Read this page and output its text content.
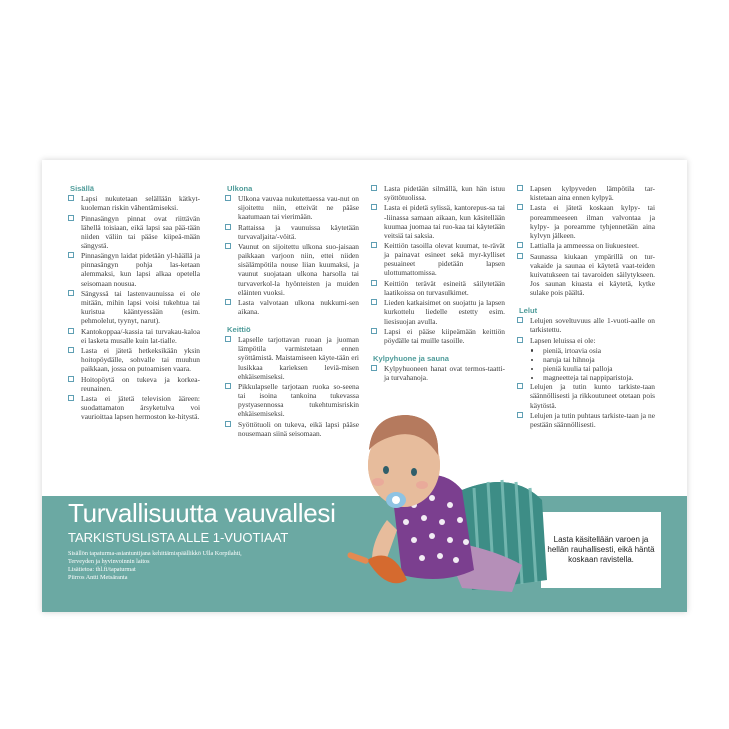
Sisällä
Lapsi nukutetaan selällään kätkyt-kuoleman riskin vähentämiseksi.
Pinnasängyn pinnat ovat riittävän lähellä toisiaan, eikä lapsi saa pää-tään niiden väliin tai pääse kiipeä-mään sängystä.
Pinnasängyn laidat pidetään yl-häällä ja pinnasängyn pohja las-ketaan alemmaksi, kun lapsi alkaa opetella seisomaan nousua.
Sängyssä tai lastenvaunuissa ei ole mitään, mihin lapsi voisi tukehtua tai kuristua kääntyessään (esim. pehmolelut, tyynyt, narut).
Kantokoppaa/-kassia tai turvakau-kaloa ei lasketa musalle kuin lat-tialle.
Lasta ei jätetä hetkeksikään yksin hoitopöydälle, sohvalle tai muuhun paikkaan, jossa on putoamisen vaara.
Hoitopöytä on tukeva ja korkea-reunainen.
Lasta ei jätetä television ääreen: suodattamaton ärsyketulva voi vaurioittaa lapsen hermoston ke-hitystä.
Ulkona
Ulkona vauvaa nukutettaessa vau-nut on sijoitettu niin, etteivät ne pääse kaatumaan tai vierimään.
Rattaissa ja vaunuissa käytetään turvavaljaita/-vöitä.
Vaunut on sijoitettu ulkona suo-jaisaan paikkaan varjoon niin, ettei niiden sisälämpötila nouse liian kuumaksi, ja vaunut suojataan ulkona harsolla tai turvaverkol-la hyönteisten ja muiden eläinten vuoksi.
Lasta valvotaan ulkona nukkumi-sen aikana.
Keittiö
Lapselle tarjottavan ruoan ja juoman lämpötila varmistetaan ennen syöttämistä. Maistamiseen käyte-tään eri lusikkaa karieksen leviä-misen ehkäisemiseksi.
Pikkulapselle tarjotaan ruoka so-seena tai isoina tankoina tukevassa pystyasennossa tukehtumisriskin ehkäisemiseksi.
Syöttötuoli on tukeva, eikä lapsi pääse nousemaan siinä seisomaan.
Lasta pidetään silmällä, kun hän istuu syöttötuolissa.
Lasta ei pidetä sylissä, kantorepus-sa tai -liinassa samaan aikaan, kun käsitellään kuumaa juomaa tai ruo-kaa tai käytetään veitsiä tai saksia.
Keittiön tasoilla olevat kuumat, te-rävät ja painavat esineet sekä myr-kylliset pesuaineet pidetään lapsen ulottumattomissa.
Keittiön terävät esineitä säilytetään laatikoissa on turvasulkimet.
Lieden katkaisimet on suojattu ja lapsen kurkottelu liedelle estetty esim. liesisuojan avulla.
Lapsi ei pääse kiipeämään keittiön pöydälle tai muille tasoille.
Kylpyhuone ja sauna
Kylpyhuoneen hanat ovat termos-taatti- ja turvahanoja.
Lapsen kylpyveden lämpötila tar-kistetaan aina ennen kylpyä.
Lasta ei jätetä koskaan kylpy- tai poreammeeseen ilman valvontaa ja kylpy- ja poreamme tyhjennetään aina kylvyn jälkeen.
Lattialla ja ammeessa on liukuesteet.
Saunassa kiukaan ympärillä on tur-vakaide ja saunaa ei käytetä vaat-teiden kuivatukseen tai tavaroiden säilytykseen. Jos saunan kiuasta ei käytetä, kytke sulake pois päältä.
Lelut
Lelujen soveltuvuus alle 1-vuoti-aalle on tarkistettu.
Lapsen leluissa ei ole:
pieniä, irtoavia osia
naruja tai hihnoja
pieniä kuulia tai palloja
magneetteja tai nappiparistoja.
Lelujen ja tutin kunto tarkiste-taan säännöllisesti ja rikkoutuneet otetaan pois käytöstä.
Lelujen ja tutin puhtaus tarkiste-taan ja ne pestään säännöllisesti.
Turvallisuutta vauvallesi
TARKISTUSLISTA ALLE 1-VUOTIAAT
Sisällön tapaturma-asiantuntijana kehittämispäällikkö Ulla Korpilahti,
Terveyden ja hyvinvoinnin laitos
Lisätietoa: thl.fi/tapaturmat
Piirros Antti Metsäranta
Lasta käsitellään varoen ja hellän rauhallisesti, eikä häntä koskaan ravistella.
